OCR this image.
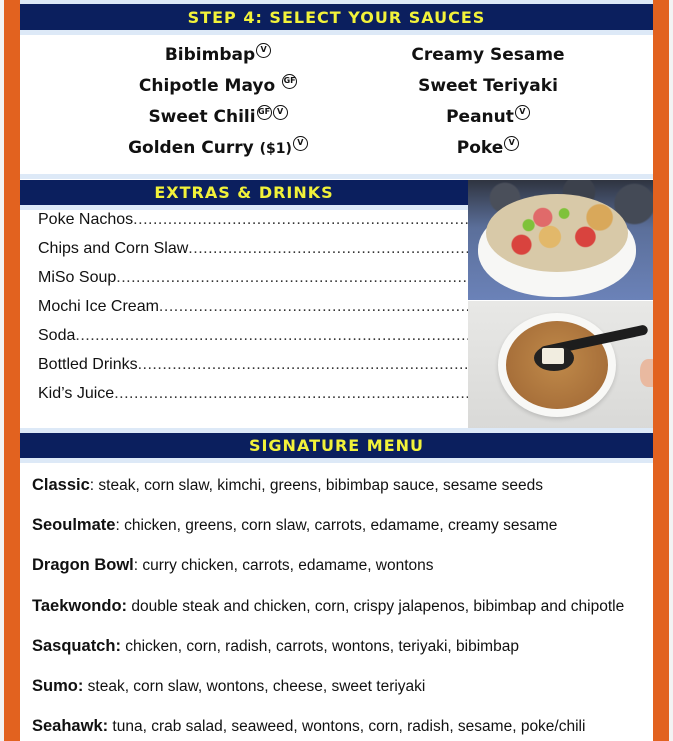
STEP 4: SELECT YOUR SAUCES
Bibimbap V
Chipotle Mayo GF
Sweet Chili GF V
Golden Curry ($1) V
Creamy Sesame
Sweet Teriyaki
Peanut V
Poke V
EXTRAS & DRINKS
Poke Nachos
.....
Chips and Corn Slaw
.....
MiSo Soup
.....
Mochi Ice Cream
.....
Soda
.....
Bottled Drinks
.....
Kid’s Juice
.....
SIGNATURE MENU
Classic: steak, corn slaw, kimchi, greens, bibimbap sauce, sesame seeds
Seoulmate: chicken, greens, corn slaw, carrots, edamame, creamy sesame
Dragon Bowl: curry chicken, carrots, edamame, wontons
Taekwondo: double steak and chicken, corn, crispy jalapenos, bibimbap and chipotle
Sasquatch: chicken, corn, radish, carrots, wontons, teriyaki, bibimbap
Sumo: steak, corn slaw, wontons, cheese, sweet teriyaki
Seahawk: tuna, crab salad, seaweed, wontons, corn, radish, sesame, poke/chili
